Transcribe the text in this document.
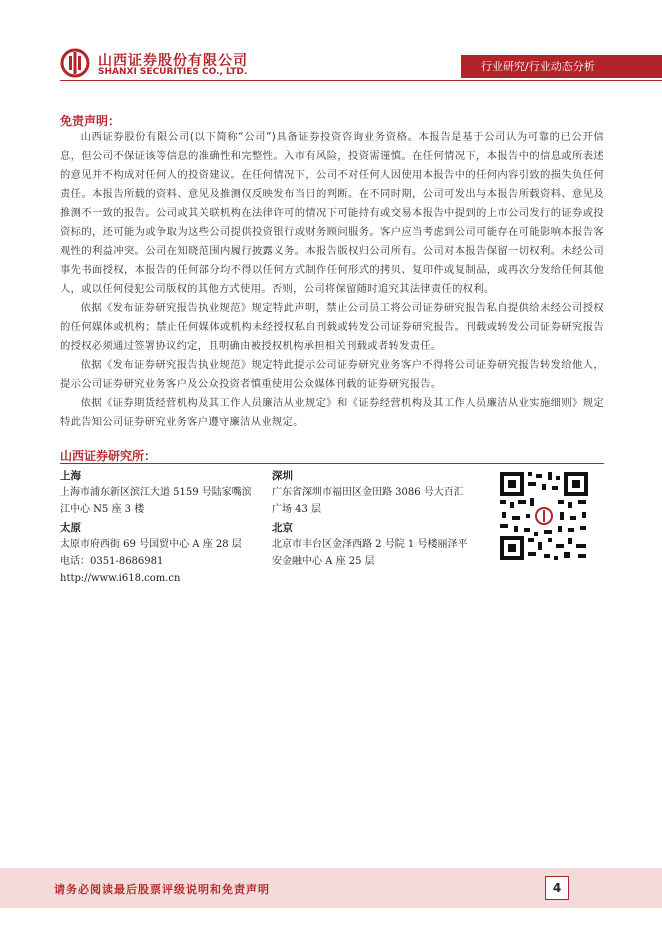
山西证券股份有限公司
SHANXI SECURITIES CO., LTD.	行业研究/行业动态分析
免责声明：

山西证券股份有限公司(以下简称“公司”)具备证券投资咨询业务资格。本报告是基于公司认为可靠的已公开信息，但公司不保证该等信息的准确性和完整性。入市有风险，投资需谨慎。在任何情况下，本报告中的信息或所表述的意见并不构成对任何人的投资建议。在任何情况下，公司不对任何人因使用本报告中的任何内容引致的损失负任何责任。本报告所载的资料、意见及推测仅反映发布当日的判断。在不同时期，公司可发出与本报告所载资料、意见及推测不一致的报告。公司或其关联机构在法律许可的情况下可能持有或交易本报告中提到的上市公司发行的证券或投资标的，还可能为或争取为这些公司提供投资银行或财务顾问服务。客户应当考虑到公司可能存在可能影响本报告客观性的利益冲突。公司在知晓范围内履行披露义务。本报告版权归公司所有。公司对本报告保留一切权利。未经公司事先书面授权，本报告的任何部分均不得以任何方式制作任何形式的拷贝、复印件或复制品，或再次分发给任何其他人，或以任何侵犯公司版权的其他方式使用。否则，公司将保留随时追究其法律责任的权利。

依据《发布证券研究报告执业规范》规定特此声明，禁止公司员工将公司证券研究报告私自提供给未经公司授权的任何媒体或机构；禁止任何媒体或机构未经授权私自刊载或转发公司证券研究报告。刊载或转发公司证券研究报告的授权必须通过签署协议约定，且明确由被授权机构承担相关刊载或者转发责任。

依据《发布证券研究报告执业规范》规定特此提示公司证券研究业务客户不得将公司证券研究报告转发给他人，提示公司证券研究业务客户及公众投资者慎重使用公众媒体刊载的证券研究报告。

依据《证券期货经营机构及其工作人员廉洁从业规定》和《证券经营机构及其工作人员廉洁从业实施细则》规定特此告知公司证券研究业务客户遵守廉洁从业规定。

山西证券研究所：
上海
上海市浦东新区滨江大道 5159 号陆家嘴滨江中心 N5 座 3 楼
深圳
广东省深圳市福田区金田路 3086 号大百汇广场 43 层
太原
太原市府西街 69 号国贸中心 A 座 28 层
电话：0351-8686981
北京
北京市丰台区金泽西路 2 号院 1 号楼丽泽平安金融中心 A 座 25 层
http://www.i618.com.cn
请务必阅读最后股票评级说明和免责声明	4
